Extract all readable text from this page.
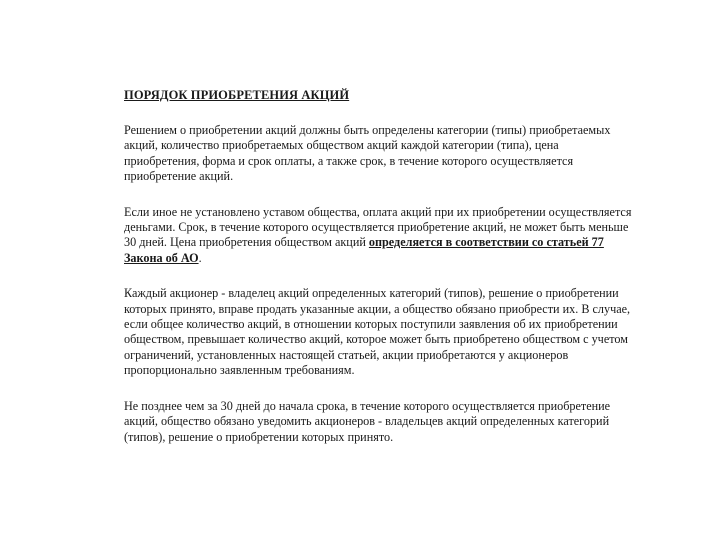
ПОРЯДОК ПРИОБРЕТЕНИЯ АКЦИЙ

Решением о приобретении акций должны быть определены категории (типы) приобретаемых акций, количество приобретаемых обществом акций каждой категории (типа), цена приобретения, форма и срок оплаты, а также срок, в течение которого осуществляется приобретение акций.

Если иное не установлено уставом общества, оплата акций при их приобретении осуществляется деньгами. Срок, в течение которого осуществляется приобретение акций, не может быть меньше 30 дней. Цена приобретения обществом акций определяется в соответствии со статьей 77 Закона об АО.

Каждый акционер - владелец акций определенных категорий (типов), решение о приобретении которых принято, вправе продать указанные акции, а общество обязано приобрести их. В случае, если общее количество акций, в отношении которых поступили заявления об их приобретении обществом, превышает количество акций, которое может быть приобретено обществом с учетом ограничений, установленных настоящей статьей, акции приобретаются у акционеров пропорционально заявленным требованиям.

Не позднее чем за 30 дней до начала срока, в течение которого осуществляется приобретение акций, общество обязано уведомить акционеров - владельцев акций определенных категорий (типов), решение о приобретении которых принято.
